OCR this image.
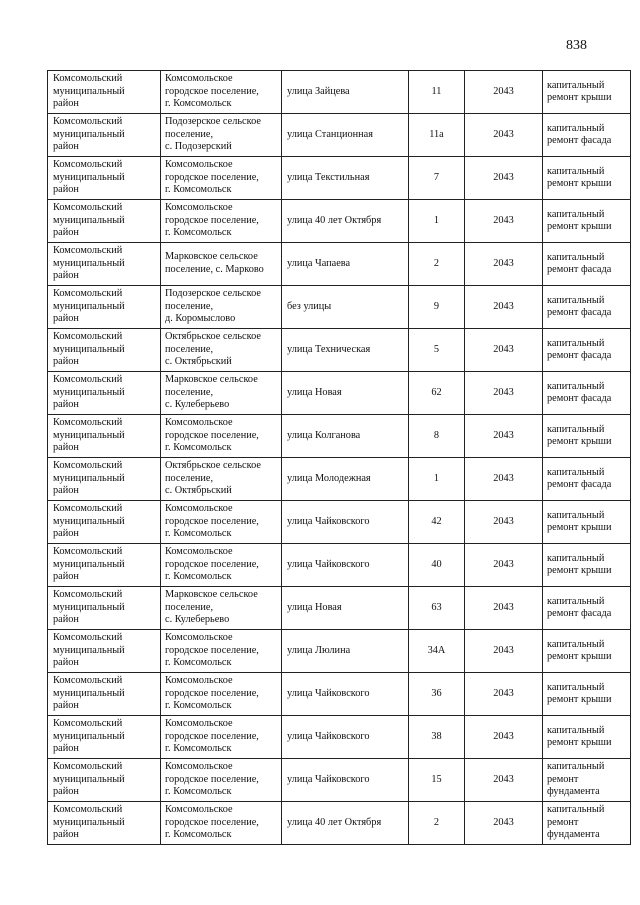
838
Комсомольский
муниципальный
район	Комсомольское
городское поселение,
г. Комсомольск	улица Зайцева	11	2043	капитальный
ремонт крыши
Комсомольский
муниципальный
район	Подозерское сельское
поселение,
с. Подозерский	улица Станционная	11а	2043	капитальный
ремонт фасада
Комсомольский
муниципальный
район	Комсомольское
городское поселение,
г. Комсомольск	улица Текстильная	7	2043	капитальный
ремонт крыши
Комсомольский
муниципальный
район	Комсомольское
городское поселение,
г. Комсомольск	улица 40 лет Октября	1	2043	капитальный
ремонт крыши
Комсомольский
муниципальный
район	Марковское сельское
поселение, с. Марково	улица Чапаева	2	2043	капитальный
ремонт фасада
Комсомольский
муниципальный
район	Подозерское сельское
поселение,
д. Коромыслово	без улицы	9	2043	капитальный
ремонт фасада
Комсомольский
муниципальный
район	Октябрьское сельское
поселение,
с. Октябрьский	улица Техническая	5	2043	капитальный
ремонт фасада
Комсомольский
муниципальный
район	Марковское сельское
поселение,
с. Кулеберьево	улица Новая	62	2043	капитальный
ремонт фасада
Комсомольский
муниципальный
район	Комсомольское
городское поселение,
г. Комсомольск	улица Колганова	8	2043	капитальный
ремонт крыши
Комсомольский
муниципальный
район	Октябрьское сельское
поселение,
с. Октябрьский	улица Молодежная	1	2043	капитальный
ремонт фасада
Комсомольский
муниципальный
район	Комсомольское
городское поселение,
г. Комсомольск	улица Чайковского	42	2043	капитальный
ремонт крыши
Комсомольский
муниципальный
район	Комсомольское
городское поселение,
г. Комсомольск	улица Чайковского	40	2043	капитальный
ремонт крыши
Комсомольский
муниципальный
район	Марковское сельское
поселение,
с. Кулеберьево	улица Новая	63	2043	капитальный
ремонт фасада
Комсомольский
муниципальный
район	Комсомольское
городское поселение,
г. Комсомольск	улица Люлина	34А	2043	капитальный
ремонт крыши
Комсомольский
муниципальный
район	Комсомольское
городское поселение,
г. Комсомольск	улица Чайковского	36	2043	капитальный
ремонт крыши
Комсомольский
муниципальный
район	Комсомольское
городское поселение,
г. Комсомольск	улица Чайковского	38	2043	капитальный
ремонт крыши
Комсомольский
муниципальный
район	Комсомольское
городское поселение,
г. Комсомольск	улица Чайковского	15	2043	капитальный
ремонт
фундамента
Комсомольский
муниципальный
район	Комсомольское
городское поселение,
г. Комсомольск	улица 40 лет Октября	2	2043	капитальный
ремонт
фундамента
